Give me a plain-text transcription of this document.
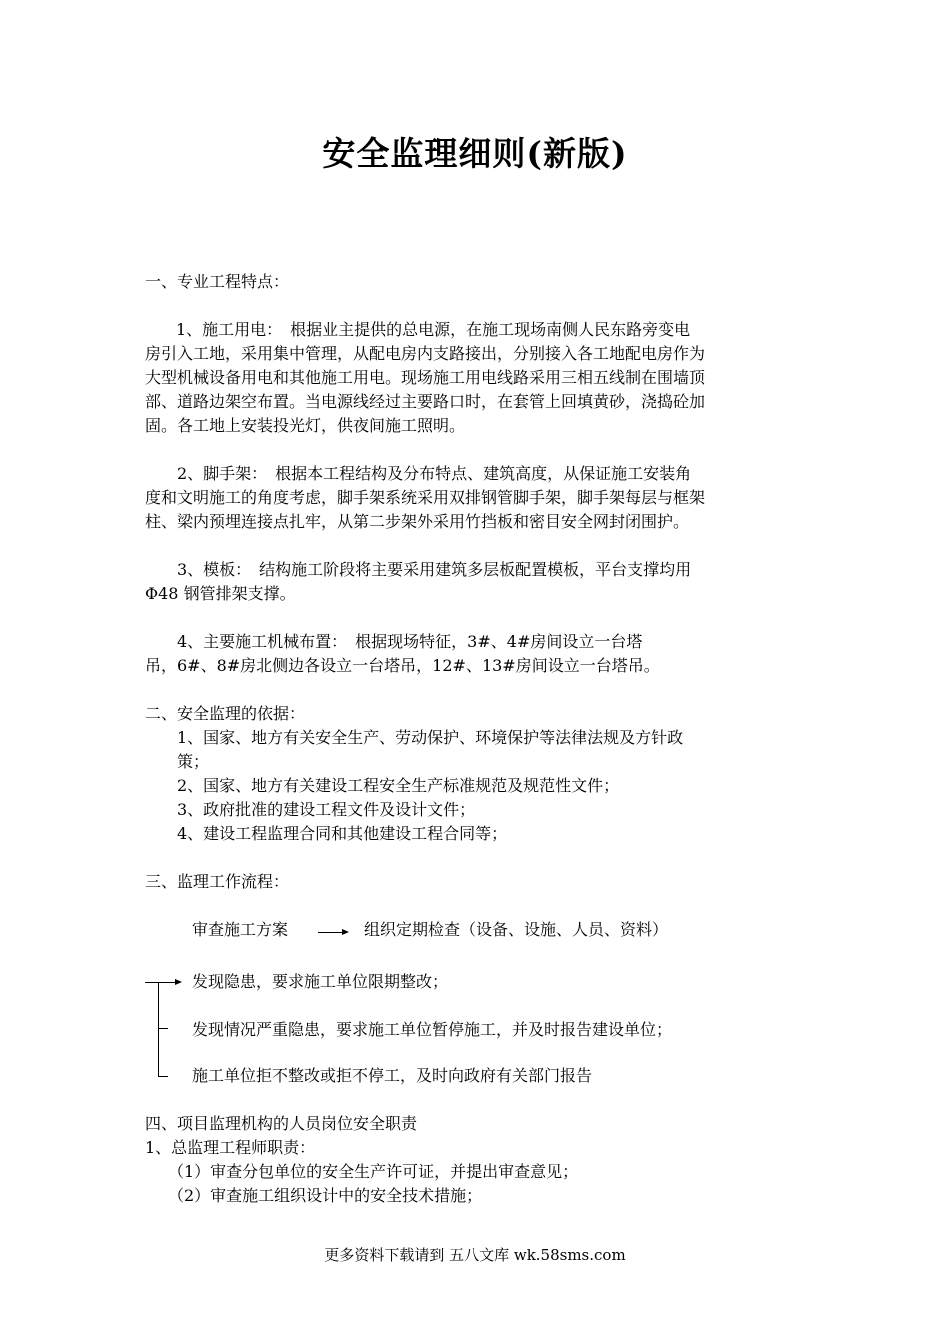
安全监理细则(新版)
一、专业工程特点：
　1、施工用电：　根据业主提供的总电源，在施工现场南侧人民东路旁变电
房引入工地，采用集中管理，从配电房内支路接出，分别接入各工地配电房作为
大型机械设备用电和其他施工用电。现场施工用电线路采用三相五线制在围墙顶
部、道路边架空布置。当电源线经过主要路口时，在套管上回填黄砂，浇捣砼加
固。各工地上安装投光灯，供夜间施工照明。
2、脚手架：　根据本工程结构及分布特点、建筑高度，从保证施工安装角
度和文明施工的角度考虑，脚手架系统采用双排钢管脚手架，脚手架每层与框架
柱、梁内预埋连接点扎牢，从第二步架外采用竹挡板和密目安全网封闭围护。
3、模板：　结构施工阶段将主要采用建筑多层板配置模板，平台支撑均用
Φ48 钢管排架支撑。
4、主要施工机械布置：　根据现场特征，3#、4#房间设立一台塔
吊，6#、8#房北侧边各设立一台塔吊，12#、13#房间设立一台塔吊。
二、安全监理的依据：
1、国家、地方有关安全生产、劳动保护、环境保护等法律法规及方针政
策；
2、国家、地方有关建设工程安全生产标准规范及规范性文件；
3、政府批准的建设工程文件及设计文件；
4、建设工程监理合同和其他建设工程合同等；
三、监理工作流程：
审查施工方案	组织定期检查（设备、设施、人员、资料）
发现隐患，要求施工单位限期整改；
发现情况严重隐患，要求施工单位暂停施工，并及时报告建设单位；
施工单位拒不整改或拒不停工，及时向政府有关部门报告
四、项目监理机构的人员岗位安全职责
1、总监理工程师职责：
（1）审查分包单位的安全生产许可证，并提出审查意见；
（2）审查施工组织设计中的安全技术措施；
更多资料下载请到 五八文库 wk.58sms.com
